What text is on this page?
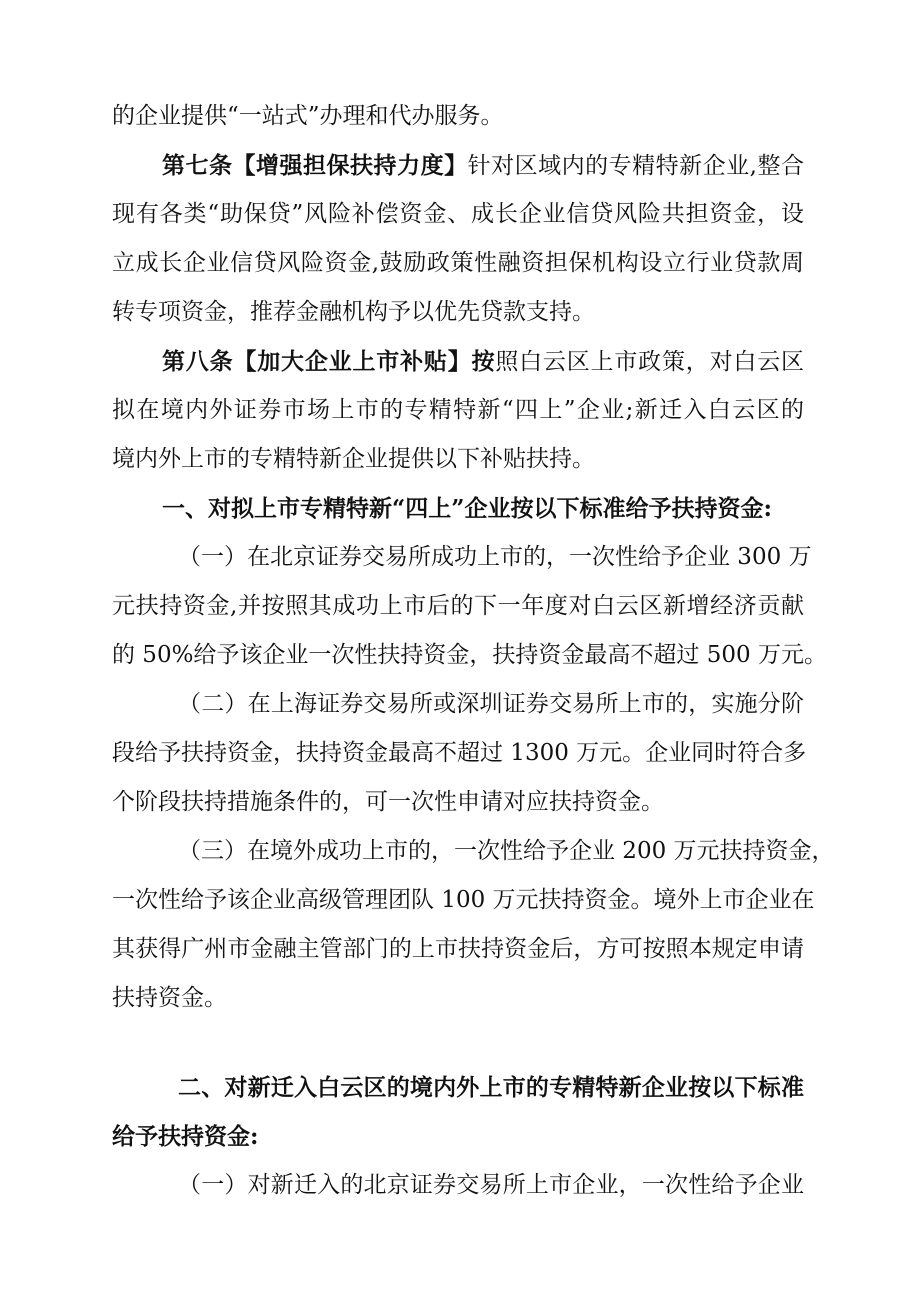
的企业提供“一站式”办理和代办服务。
第七条【增强担保扶持力度】针对区域内的专精特新企业,整合
现有各类“助保贷”风险补偿资金、成长企业信贷风险共担资金，设
立成长企业信贷风险资金,鼓励政策性融资担保机构设立行业贷款周
转专项资金，推荐金融机构予以优先贷款支持。
第八条【加大企业上市补贴】按照白云区上市政策，对白云区
拟在境内外证券市场上市的专精特新“四上”企业;新迁入白云区的
境内外上市的专精特新企业提供以下补贴扶持。
一、对拟上市专精特新“四上”企业按以下标准给予扶持资金:
（一）在北京证券交易所成功上市的，一次性给予企业 300 万
元扶持资金,并按照其成功上市后的下一年度对白云区新增经济贡献
的 50%给予该企业一次性扶持资金，扶持资金最高不超过 500 万元。
（二）在上海证券交易所或深圳证券交易所上市的，实施分阶
段给予扶持资金，扶持资金最高不超过 1300 万元。企业同时符合多
个阶段扶持措施条件的，可一次性申请对应扶持资金。
（三）在境外成功上市的，一次性给予企业 200 万元扶持资金，
一次性给予该企业高级管理团队 100 万元扶持资金。境外上市企业在
其获得广州市金融主管部门的上市扶持资金后，方可按照本规定申请
扶持资金。
二、对新迁入白云区的境内外上市的专精特新企业按以下标准
给予扶持资金:
（一）对新迁入的北京证券交易所上市企业，一次性给予企业
